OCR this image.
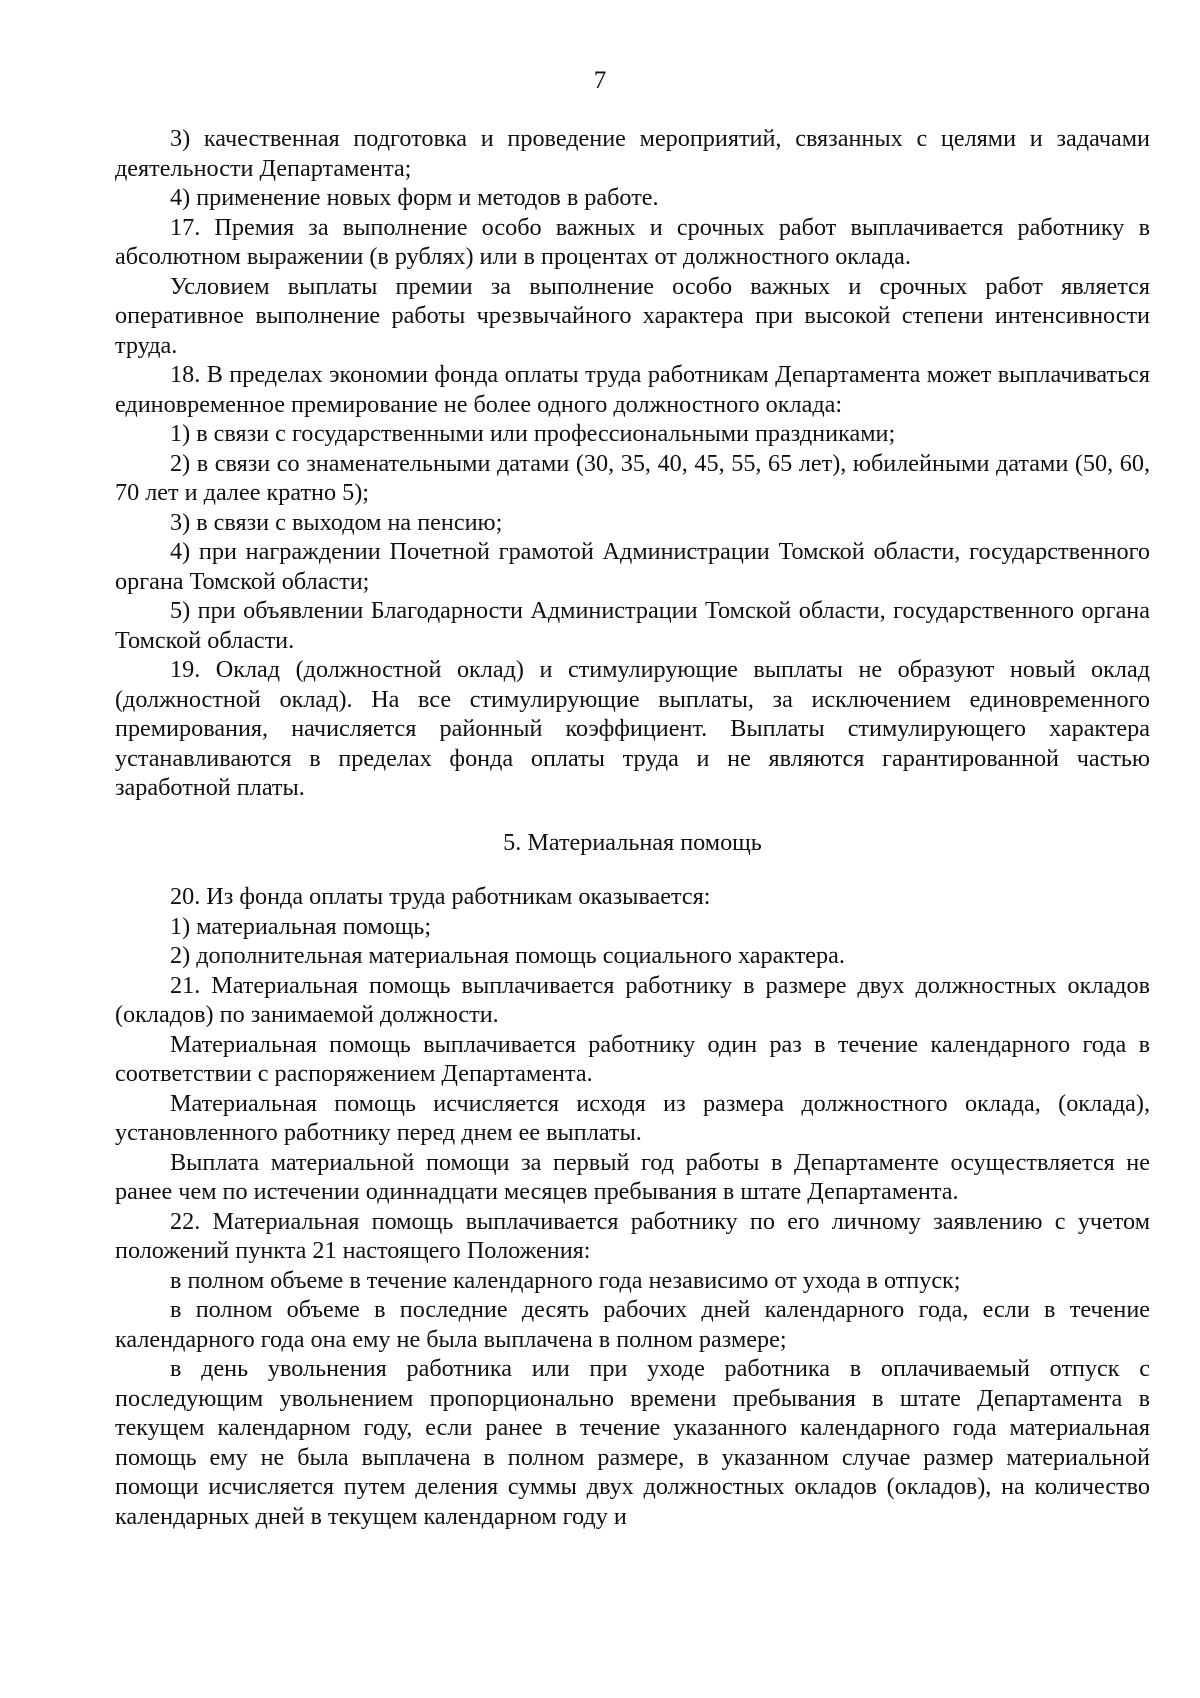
7

3) качественная подготовка и проведение мероприятий, связанных с целями и задачами деятельности Департамента;

4) применение новых форм и методов в работе.

17. Премия за выполнение особо важных и срочных работ выплачивается работнику в абсолютном выражении (в рублях) или в процентах от должностного оклада.

Условием выплаты премии за выполнение особо важных и срочных работ является оперативное выполнение работы чрезвычайного характера при высокой степени интенсивности труда.

18. В пределах экономии фонда оплаты труда работникам Департамента может выплачиваться единовременное премирование не более одного должностного оклада:

1) в связи с государственными или профессиональными праздниками;

2) в связи со знаменательными датами (30, 35, 40, 45, 55, 65 лет), юбилейными датами (50, 60, 70 лет и далее кратно 5);

3) в связи с выходом на пенсию;

4) при награждении Почетной грамотой Администрации Томской области, государственного органа Томской области;

5) при объявлении Благодарности Администрации Томской области, государственного органа Томской области.

19. Оклад (должностной оклад) и стимулирующие выплаты не образуют новый оклад (должностной оклад). На все стимулирующие выплаты, за исключением единовременного премирования, начисляется районный коэффициент. Выплаты стимулирующего характера устанавливаются в пределах фонда оплаты труда и не являются гарантированной частью заработной платы.

5. Материальная помощь

20. Из фонда оплаты труда работникам оказывается:

1) материальная помощь;

2) дополнительная материальная помощь социального характера.

21. Материальная помощь выплачивается работнику в размере двух должностных окладов (окладов) по занимаемой должности.

Материальная помощь выплачивается работнику один раз в течение календарного года в соответствии с распоряжением Департамента.

Материальная помощь исчисляется исходя из размера должностного оклада, (оклада), установленного работнику перед днем ее выплаты.

Выплата материальной помощи за первый год работы в Департаменте осуществляется не ранее чем по истечении одиннадцати месяцев пребывания в штате Департамента.

22. Материальная помощь выплачивается работнику по его личному заявлению с учетом положений пункта 21 настоящего Положения:

в полном объеме в течение календарного года независимо от ухода в отпуск;

в полном объеме в последние десять рабочих дней календарного года, если в течение календарного года она ему не была выплачена в полном размере;

в день увольнения работника или при уходе работника в оплачиваемый отпуск с последующим увольнением пропорционально времени пребывания в штате Департамента в текущем календарном году, если ранее в течение указанного календарного года материальная помощь ему не была выплачена в полном размере, в указанном случае размер материальной помощи исчисляется путем деления суммы двух должностных окладов (окладов), на количество календарных дней в текущем календарном году и
